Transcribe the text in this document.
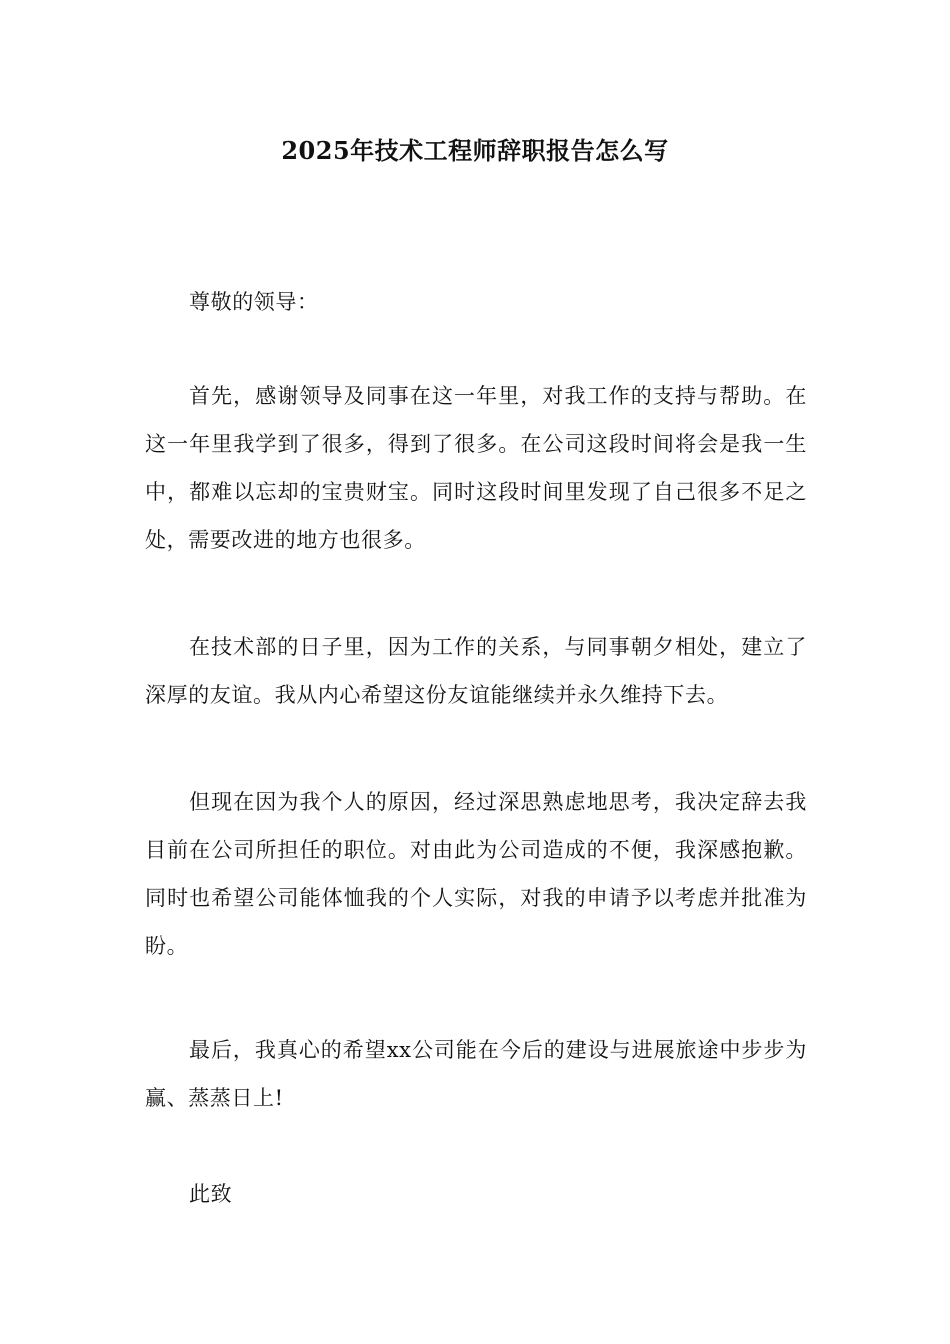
2025年技术工程师辞职报告怎么写

尊敬的领导：

首先，感谢领导及同事在这一年里，对我工作的支持与帮助。在这一年里我学到了很多，得到了很多。在公司这段时间将会是我一生中，都难以忘却的宝贵财宝。同时这段时间里发现了自己很多不足之处，需要改进的地方也很多。

在技术部的日子里，因为工作的关系，与同事朝夕相处，建立了深厚的友谊。我从内心希望这份友谊能继续并永久维持下去。

但现在因为我个人的原因，经过深思熟虑地思考，我决定辞去我目前在公司所担任的职位。对由此为公司造成的不便，我深感抱歉。同时也希望公司能体恤我的个人实际，对我的申请予以考虑并批准为盼。

最后，我真心的希望xx公司能在今后的建设与进展旅途中步步为赢、蒸蒸日上!

此致
